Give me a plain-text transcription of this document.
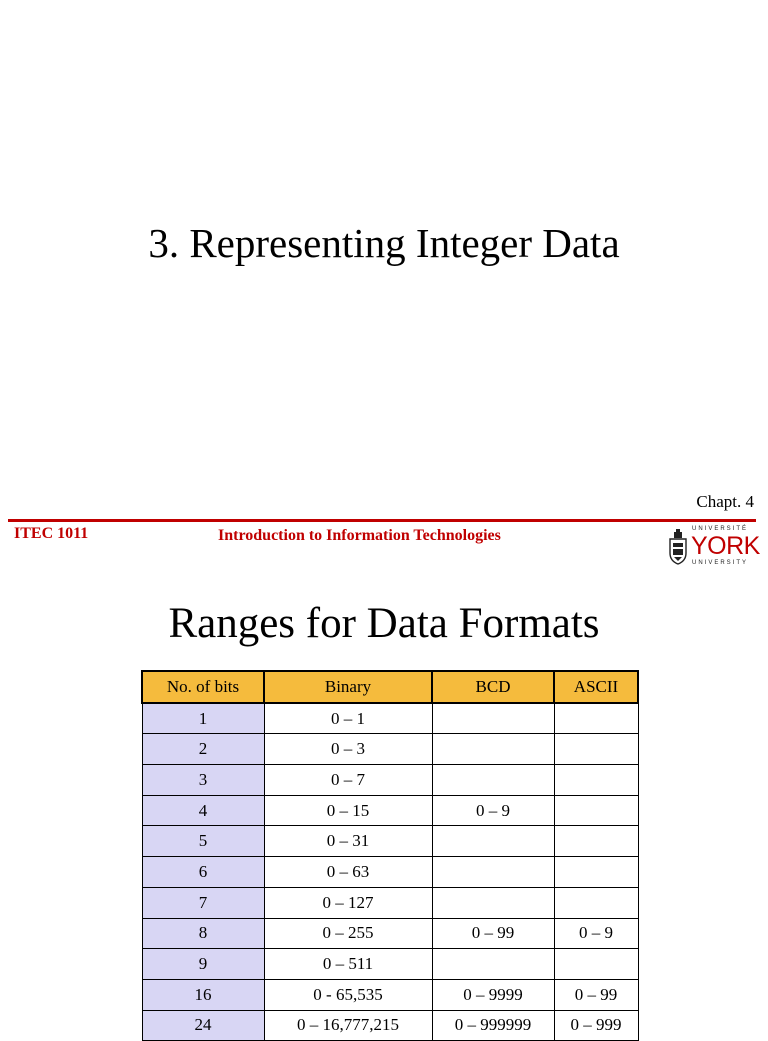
3. Representing Integer Data
Chapt. 4
ITEC 1011	Introduction to Information Technologies	UNIVERSITÉ
YORK
UNIVERSITY
Ranges for Data Formats
No. of bits	Binary	BCD	ASCII
1	0 – 1		
2	0 – 3		
3	0 – 7		
4	0 – 15	0 – 9	
5	0 – 31		
6	0 – 63		
7	0 – 127		
8	0 – 255	0 – 99	0 – 9
9	0 – 511		
16	0 - 65,535	0 – 9999	0 – 99
24	0 – 16,777,215	0 – 999999	0 – 999
